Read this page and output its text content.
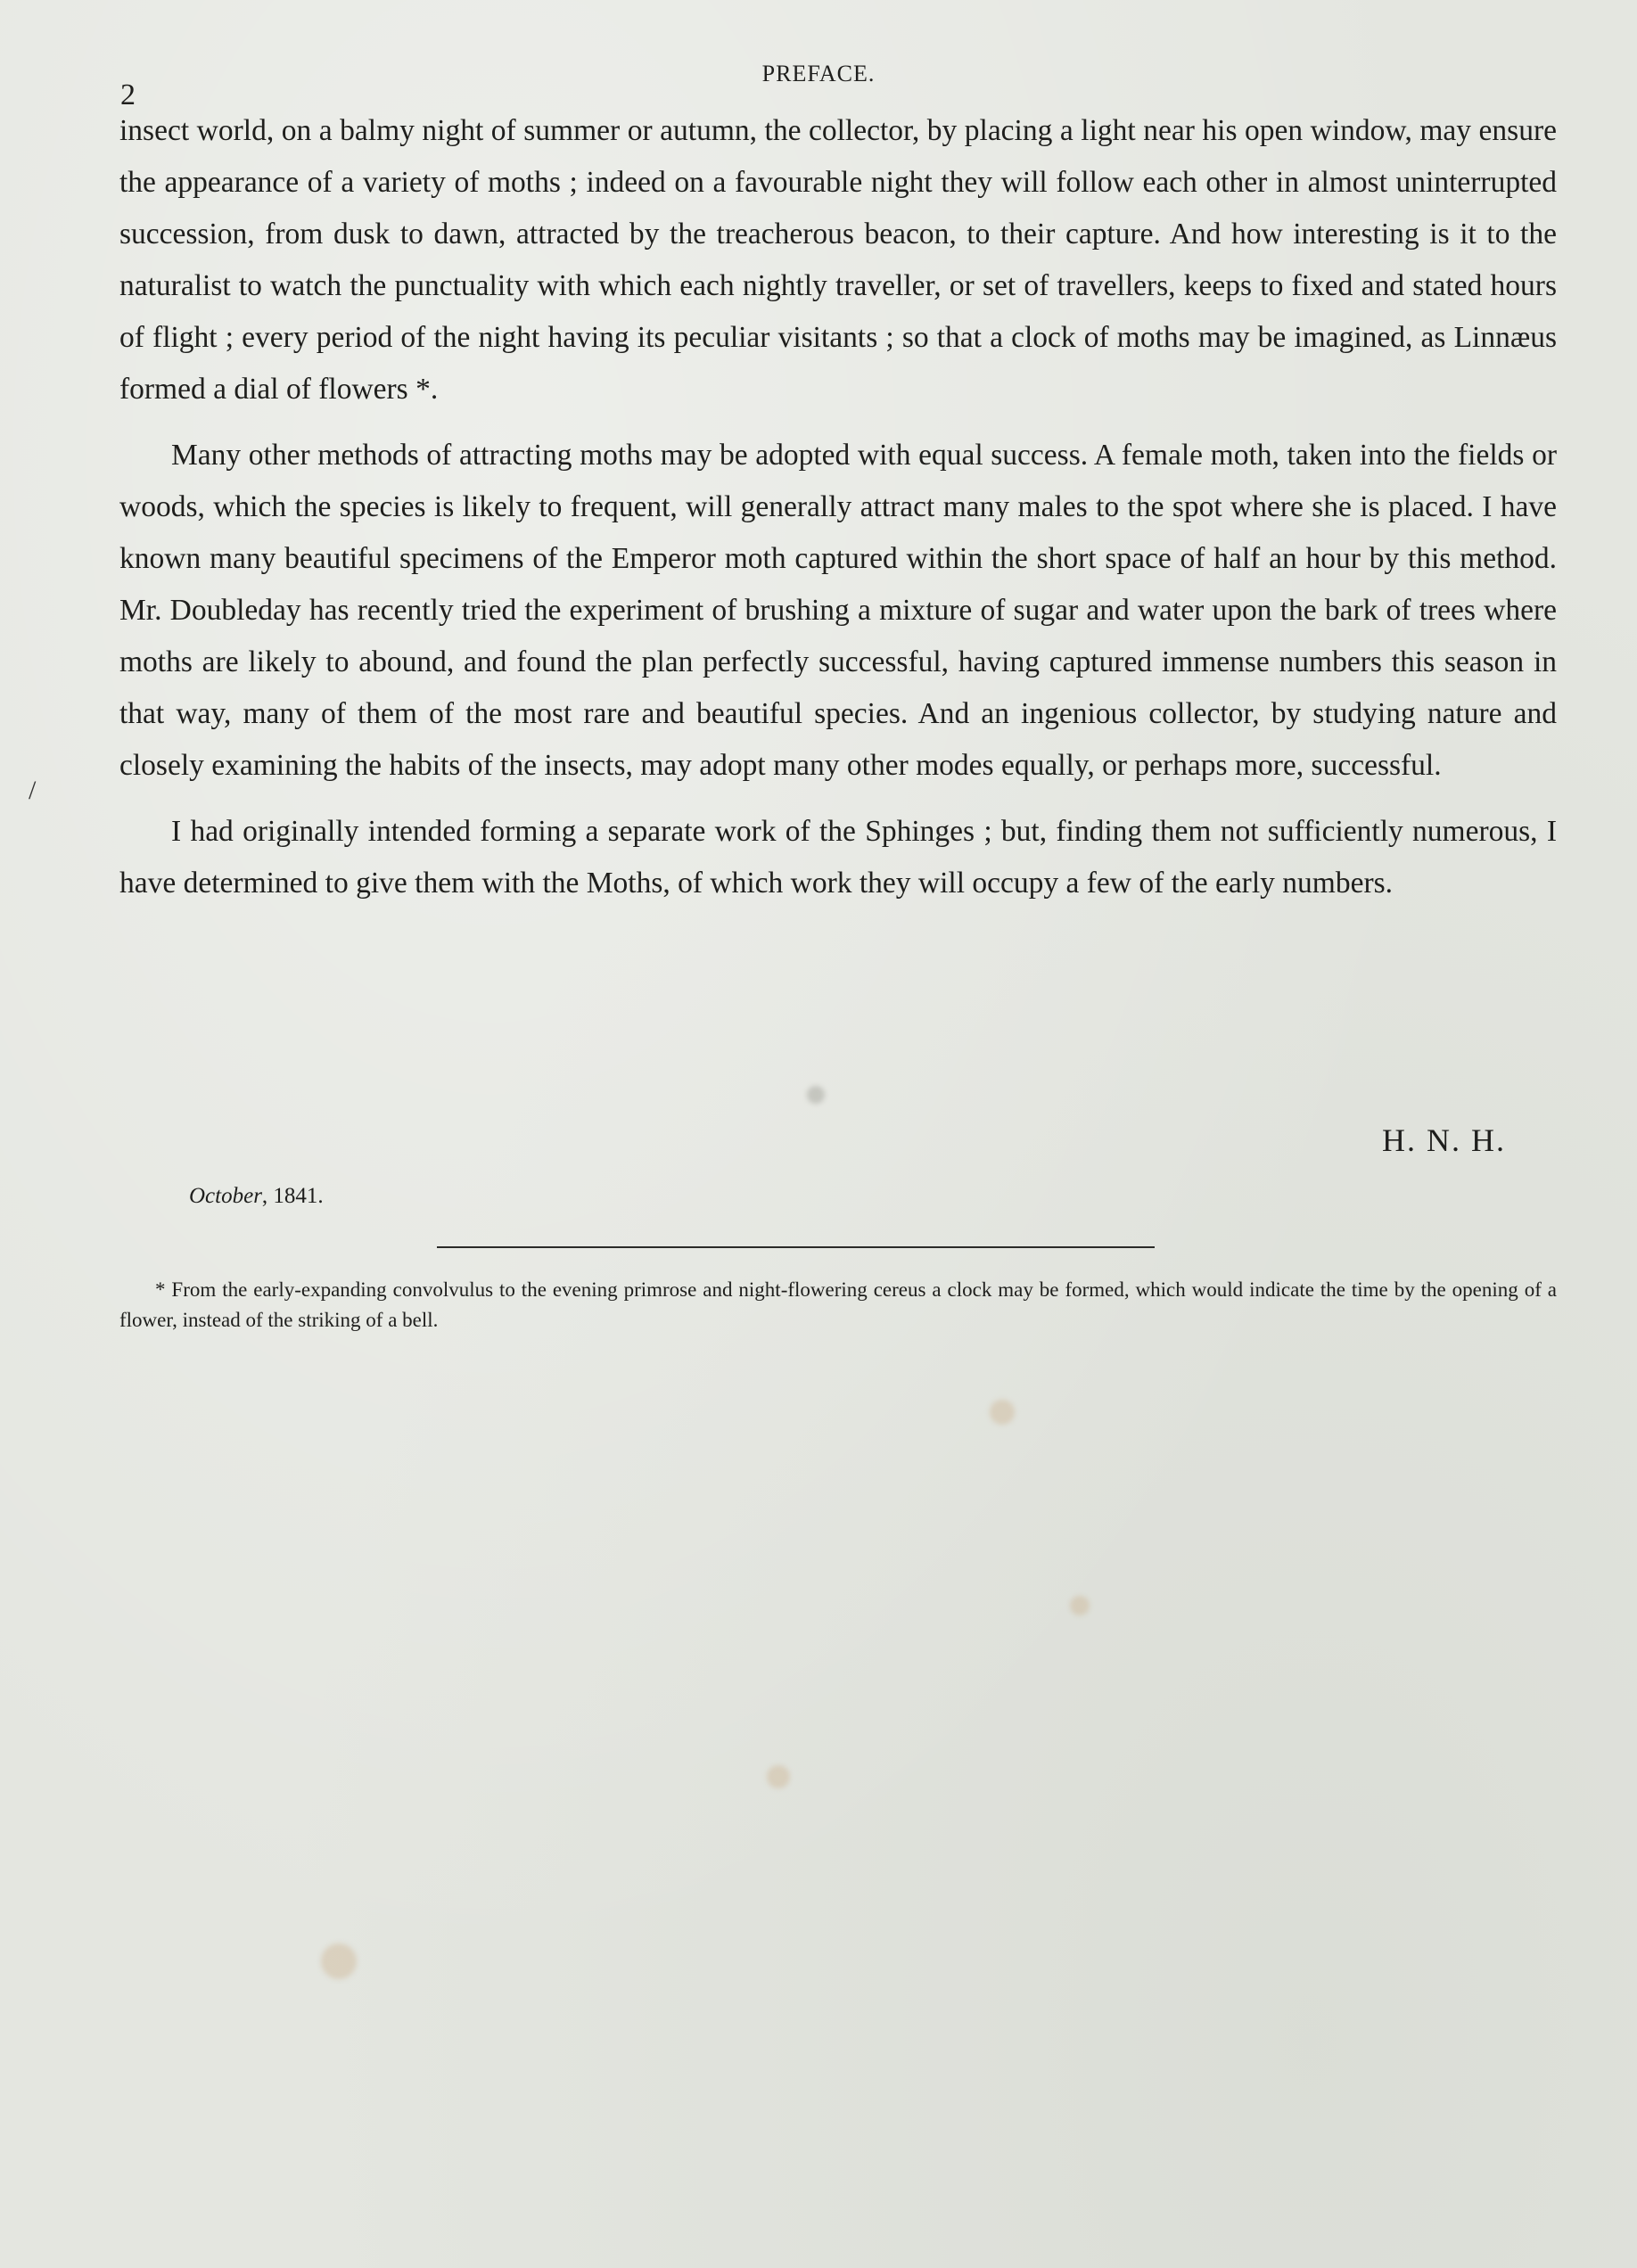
/
2
PREFACE.

insect world, on a balmy night of summer or autumn, the collector, by placing a light near his open window, may ensure the appearance of a variety of moths ; indeed on a favourable night they will follow each other in almost uninterrupted succession, from dusk to dawn, attracted by the treacherous beacon, to their capture. And how interesting is it to the naturalist to watch the punctuality with which each nightly traveller, or set of travellers, keeps to fixed and stated hours of flight ; every period of the night having its peculiar visitants ; so that a clock of moths may be imagined, as Linnæus formed a dial of flowers *.

Many other methods of attracting moths may be adopted with equal success. A female moth, taken into the fields or woods, which the species is likely to frequent, will generally attract many males to the spot where she is placed. I have known many beautiful specimens of the Emperor moth captured within the short space of half an hour by this method. Mr. Doubleday has recently tried the experiment of brushing a mixture of sugar and water upon the bark of trees where moths are likely to abound, and found the plan perfectly successful, having captured immense numbers this season in that way, many of them of the most rare and beautiful species. And an ingenious collector, by studying nature and closely examining the habits of the insects, may adopt many other modes equally, or perhaps more, successful.

I had originally intended forming a separate work of the Sphinges ; but, finding them not sufficiently numerous, I have determined to give them with the Moths, of which work they will occupy a few of the early numbers.

H. N. H.
October, 1841.
* From the early-expanding convolvulus to the evening primrose and night-flowering cereus a clock may be formed, which would indicate the time by the opening of a flower, instead of the striking of a bell.
